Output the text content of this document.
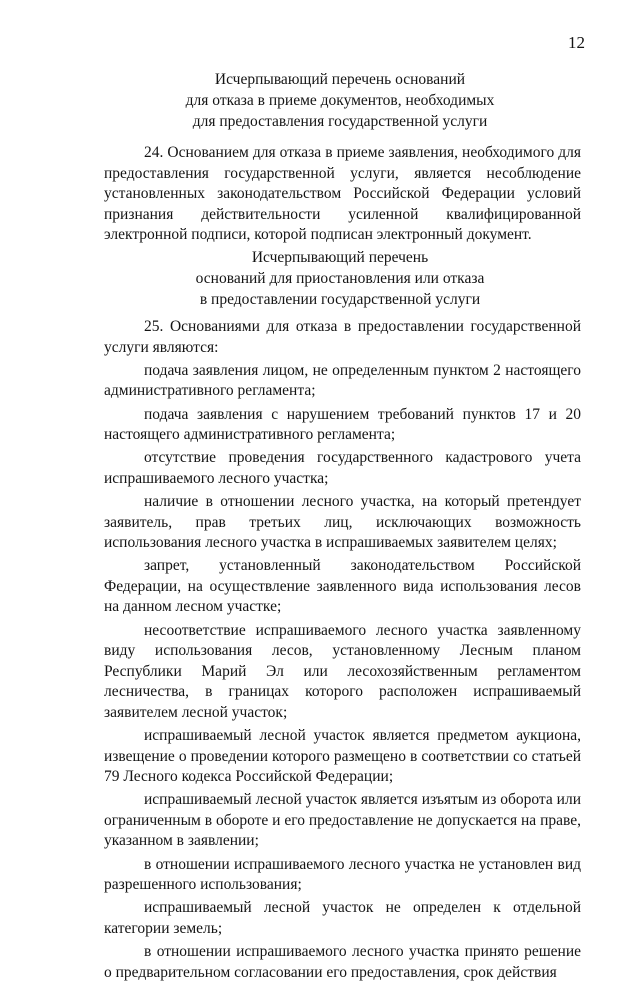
12
Исчерпывающий перечень оснований
для отказа в приеме документов, необходимых
для предоставления государственной услуги

24. Основанием для отказа в приеме заявления, необходимого для предоставления государственной услуги, является несоблюдение установленных законодательством Российской Федерации условий признания действительности усиленной квалифицированной электронной подписи, которой подписан электронный документ.

Исчерпывающий перечень
оснований для приостановления или отказа
в предоставлении государственной услуги

25. Основаниями для отказа в предоставлении государственной услуги являются:

подача заявления лицом, не определенным пунктом 2 настоящего административного регламента;

подача заявления с нарушением требований пунктов 17 и 20 настоящего административного регламента;

отсутствие проведения государственного кадастрового учета испрашиваемого лесного участка;

наличие в отношении лесного участка, на который претендует заявитель, прав третьих лиц, исключающих возможность использования лесного участка в испрашиваемых заявителем целях;

запрет, установленный законодательством Российской Федерации, на осуществление заявленного вида использования лесов на данном лесном участке;

несоответствие испрашиваемого лесного участка заявленному виду использования лесов, установленному Лесным планом Республики Марий Эл или лесохозяйственным регламентом лесничества, в границах которого расположен испрашиваемый заявителем лесной участок;

испрашиваемый лесной участок является предметом аукциона, извещение о проведении которого размещено в соответствии со статьей 79 Лесного кодекса Российской Федерации;

испрашиваемый лесной участок является изъятым из оборота или ограниченным в обороте и его предоставление не допускается на праве, указанном в заявлении;

в отношении испрашиваемого лесного участка не установлен вид разрешенного использования;

испрашиваемый лесной участок не определен к отдельной категории земель;

в отношении испрашиваемого лесного участка принято решение о предварительном согласовании его предоставления, срок действия
